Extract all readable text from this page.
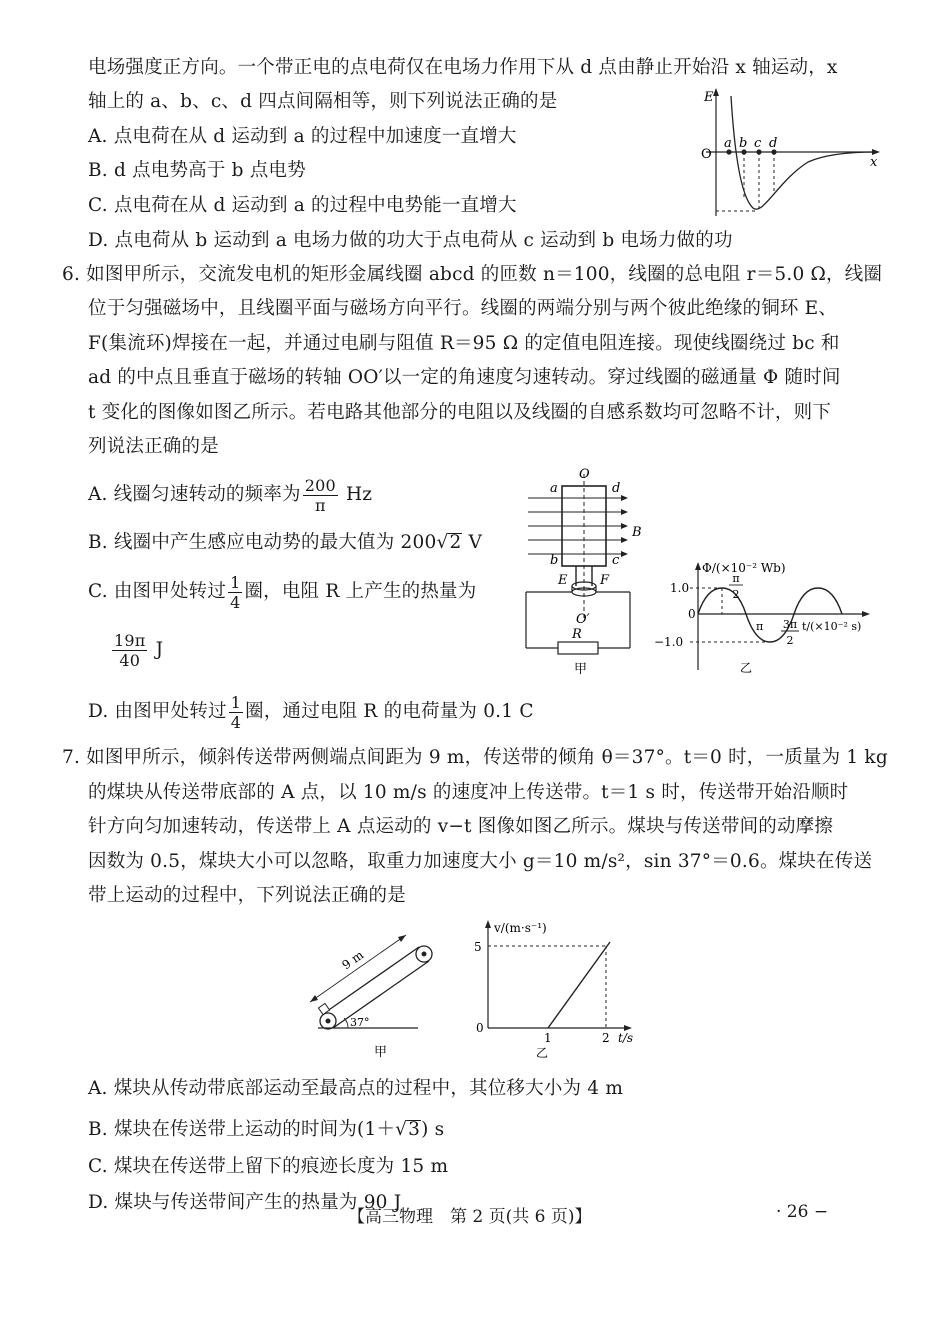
电场强度正方向。一个带正电的点电荷仅在电场力作用下从 d 点由静止开始沿 x 轴运动，x
轴上的 a、b、c、d 四点间隔相等，则下列说法正确的是
A. 点电荷在从 d 运动到 a 的过程中加速度一直增大
B. d 点电势高于 b 点电势
C. 点电荷在从 d 运动到 a 的过程中电势能一直增大
D. 点电荷从 b 运动到 a 电场力做的功大于点电荷从 c 运动到 b 电场力做的功
E
x
O
a b c d
6. 如图甲所示，交流发电机的矩形金属线圈 abcd 的匝数 n＝100，线圈的总电阻 r＝5.0 Ω，线圈
位于匀强磁场中，且线圈平面与磁场方向平行。线圈的两端分别与两个彼此绝缘的铜环 E、
F(集流环)焊接在一起，并通过电刷与阻值 R＝95 Ω 的定值电阻连接。现使线圈绕过 bc 和
ad 的中点且垂直于磁场的转轴 OO′以一定的角速度匀速转动。穿过线圈的磁通量 Φ 随时间
t 变化的图像如图乙所示。若电路其他部分的电阻以及线圈的自感系数均可忽略不计，则下
列说法正确的是
A. 线圈匀速转动的频率为 $\frac{200}{\pi}$ Hz
B. 线圈中产生感应电动势的最大值为 200√2 V
C. 由图甲处转过 $\frac{1}{4}$ 圈，电阻 R 上产生的热量为
$\frac{19\pi}{40}$ J
D. 由图甲处转过 $\frac{1}{4}$ 圈，通过电阻 R 的电荷量为 0.1 C
O
O′
a	d
b	c
B
E	F
R
甲
Φ/(×10⁻² Wb)
t/(×10⁻² s)
1.0
−1.0
0
π
2
π 3π
2
乙
7. 如图甲所示，倾斜传送带两侧端点间距为 9 m，传送带的倾角 θ＝37°。t＝0 时，一质量为 1 kg
的煤块从传送带底部的 A 点，以 10 m/s 的速度冲上传送带。t＝1 s 时，传送带开始沿顺时
针方向匀加速转动，传送带上 A 点运动的 v−t 图像如图乙所示。煤块与传送带间的动摩擦
因数为 0.5，煤块大小可以忽略，取重力加速度大小 g＝10 m/s²，sin 37°＝0.6。煤块在传送
带上运动的过程中，下列说法正确的是
9 m
37°
甲
v/(m·s⁻¹)
5
0
1	2 t/s
乙
A. 煤块从传动带底部运动至最高点的过程中，其位移大小为 4 m
B. 煤块在传送带上运动的时间为(1＋√3) s
C. 煤块在传送带上留下的痕迹长度为 15 m
D. 煤块与传送带间产生的热量为 90 J
【高三物理　第 2 页(共 6 页)】	· 26 −
